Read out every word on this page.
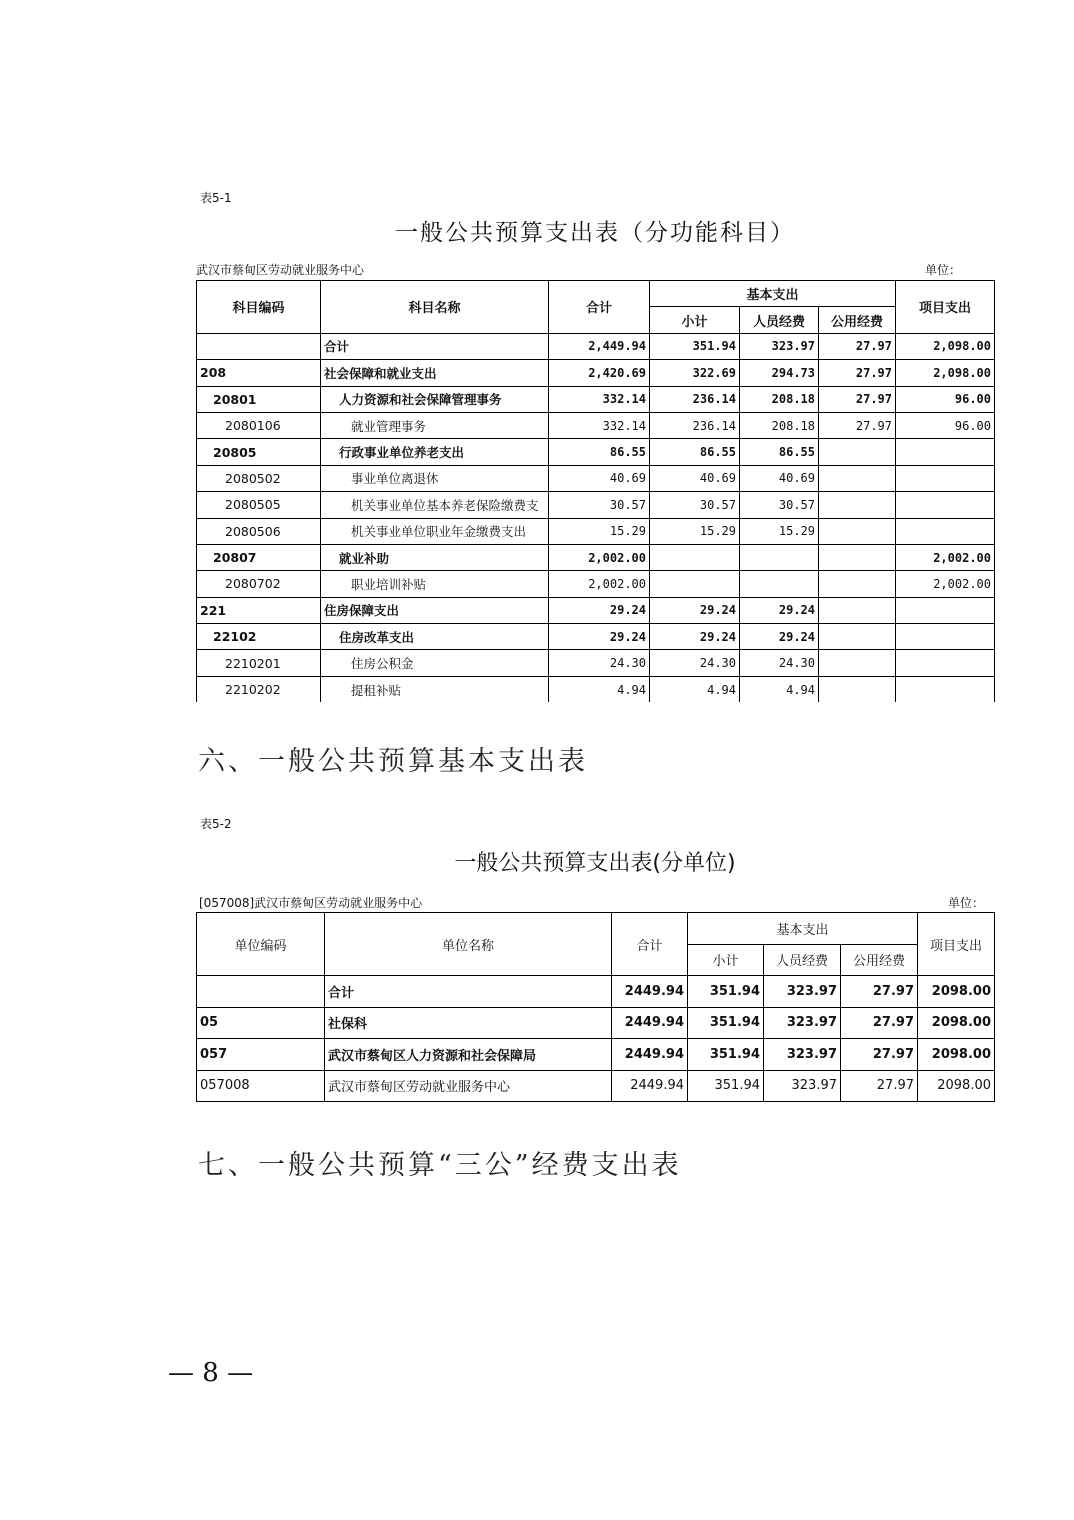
表5-1
一般公共预算支出表（分功能科目）
武汉市蔡甸区劳动就业服务中心	单位：
科目编码	科目名称	合计	基本支出			项目支出
			小计	人员经费	公用经费	
	合计	2,449.94	351.94	323.97	27.97	2,098.00
208	社会保障和就业支出	2,420.69	322.69	294.73	27.97	2,098.00
20801	人力资源和社会保障管理事务	332.14	236.14	208.18	27.97	96.00
2080106	就业管理事务	332.14	236.14	208.18	27.97	96.00
20805	行政事业单位养老支出	86.55	86.55	86.55		
2080502	事业单位离退休	40.69	40.69	40.69		
2080505	机关事业单位基本养老保险缴费支	30.57	30.57	30.57		
2080506	机关事业单位职业年金缴费支出	15.29	15.29	15.29		
20807	就业补助	2,002.00				2,002.00
2080702	职业培训补贴	2,002.00				2,002.00
221	住房保障支出	29.24	29.24	29.24		
22102	住房改革支出	29.24	29.24	29.24		
2210201	住房公积金	24.30	24.30	24.30		
2210202	提租补贴	4.94	4.94	4.94		
六、一般公共预算基本支出表
表5-2
一般公共预算支出表(分单位)
[057008]武汉市蔡甸区劳动就业服务中心	单位：
单位编码	单位名称	合计	基本支出			项目支出
			小计	人员经费	公用经费	
	合计	2449.94	351.94	323.97	27.97	2098.00
05	社保科	2449.94	351.94	323.97	27.97	2098.00
057	武汉市蔡甸区人力资源和社会保障局	2449.94	351.94	323.97	27.97	2098.00
057008	武汉市蔡甸区劳动就业服务中心	2449.94	351.94	323.97	27.97	2098.00
七、一般公共预算“三公”经费支出表
— 8 —
